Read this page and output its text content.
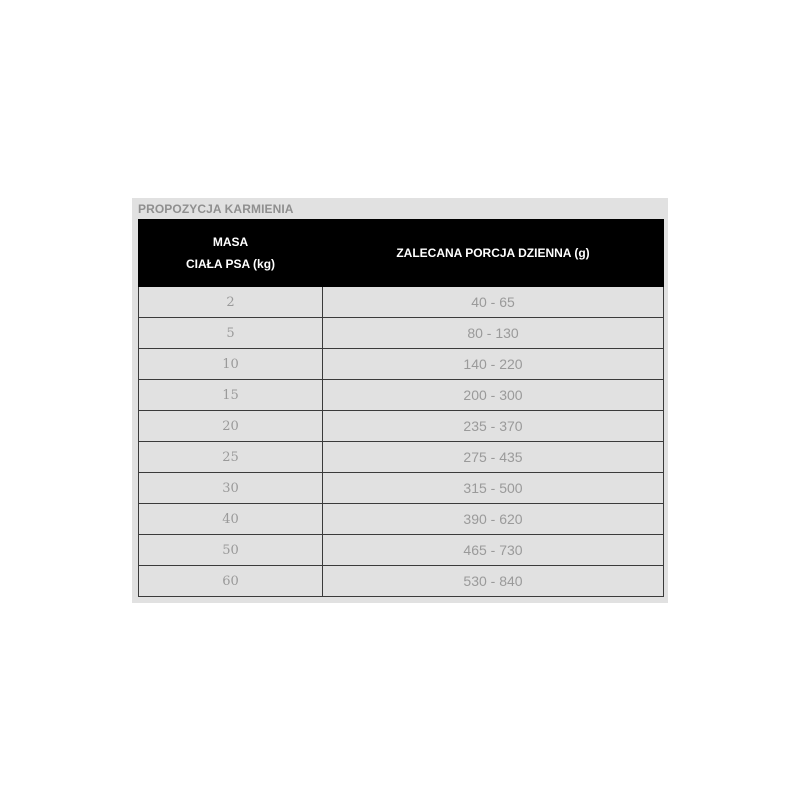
PROPOZYCJA KARMIENIA
MASA
CIAŁA PSA (kg)	ZALECANA PORCJA DZIENNA (g)
2	40 - 65
5	80 - 130
10	140 - 220
15	200 - 300
20	235 - 370
25	275 - 435
30	315 - 500
40	390 - 620
50	465 - 730
60	530 - 840
